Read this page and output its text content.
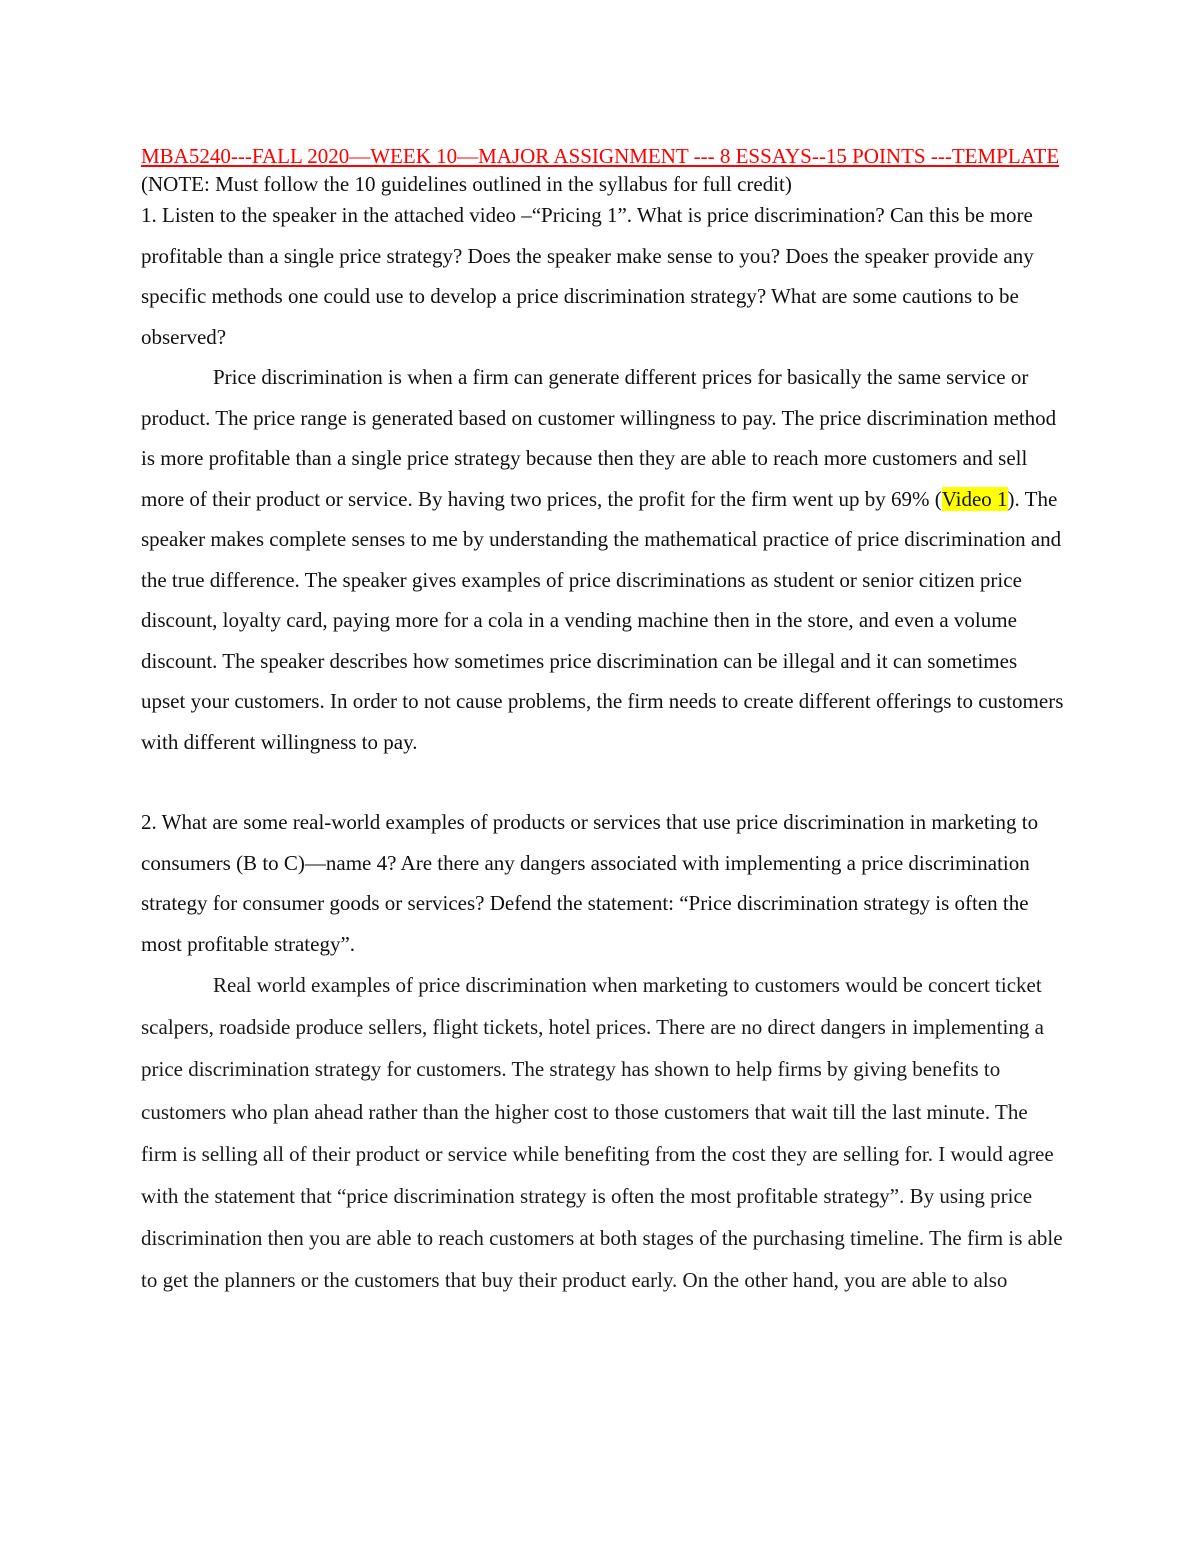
MBA5240---FALL 2020—WEEK 10—MAJOR ASSIGNMENT --- 8 ESSAYS--15 POINTS ---TEMPLATE

(NOTE: Must follow the 10 guidelines outlined in the syllabus for full credit)

1. Listen to the speaker in the attached video –“Pricing 1”. What is price discrimination? Can this be more profitable than a single price strategy? Does the speaker make sense to you? Does the speaker provide any specific methods one could use to develop a price discrimination strategy? What are some cautions to be observed?

Price discrimination is when a firm can generate different prices for basically the same service or product. The price range is generated based on customer willingness to pay. The price discrimination method is more profitable than a single price strategy because then they are able to reach more customers and sell more of their product or service. By having two prices, the profit for the firm went up by 69% (Video 1). The speaker makes complete senses to me by understanding the mathematical practice of price discrimination and the true difference. The speaker gives examples of price discriminations as student or senior citizen price discount, loyalty card, paying more for a cola in a vending machine then in the store, and even a volume discount. The speaker describes how sometimes price discrimination can be illegal and it can sometimes upset your customers. In order to not cause problems, the firm needs to create different offerings to customers with different willingness to pay.

2. What are some real-world examples of products or services that use price discrimination in marketing to consumers (B to C)—name 4? Are there any dangers associated with implementing a price discrimination strategy for consumer goods or services? Defend the statement: “Price discrimination strategy is often the most profitable strategy”.

Real world examples of price discrimination when marketing to customers would be concert ticket scalpers, roadside produce sellers, flight tickets, hotel prices. There are no direct dangers in implementing a price discrimination strategy for customers. The strategy has shown to help firms by giving benefits to customers who plan ahead rather than the higher cost to those customers that wait till the last minute. The firm is selling all of their product or service while benefiting from the cost they are selling for. I would agree with the statement that “price discrimination strategy is often the most profitable strategy”. By using price discrimination then you are able to reach customers at both stages of the purchasing timeline. The firm is able to get the planners or the customers that buy their product early. On the other hand, you are able to also
